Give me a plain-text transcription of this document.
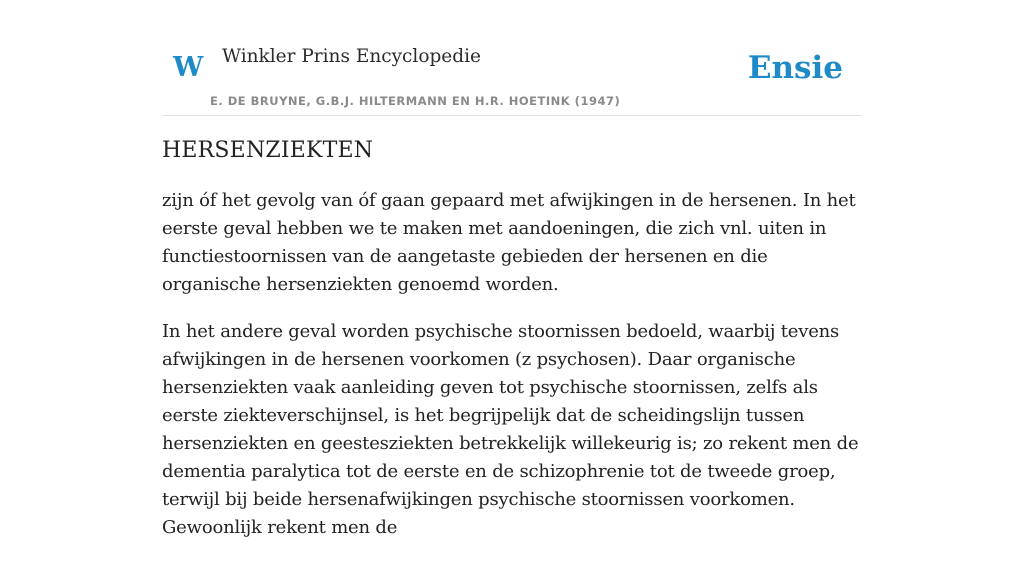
W Winkler Prins Encyclopedie
E. DE BRUYNE, G.B.J. HILTERMANN EN H.R. HOETINK (1947)
Ensie
HERSENZIEKTEN

zijn óf het gevolg van óf gaan gepaard met afwijkingen in de hersenen. In het eerste geval hebben we te maken met aandoeningen, die zich vnl. uiten in functiestoornissen van de aangetaste gebieden der hersenen en die organische hersenziekten genoemd worden.

In het andere geval worden psychische stoornissen bedoeld, waarbij tevens afwijkingen in de hersenen voorkomen (z psychosen). Daar organische hersenziekten vaak aanleiding geven tot psychische stoornissen, zelfs als eerste ziekteverschijnsel, is het begrijpelijk dat de scheidingslijn tussen hersenziekten en geestesziekten betrekkelijk willekeurig is; zo rekent men de dementia paralytica tot de eerste en de schizophrenie tot de tweede groep, terwijl bij beide hersenafwijkingen psychische stoornissen voorkomen. Gewoonlijk rekent men de
